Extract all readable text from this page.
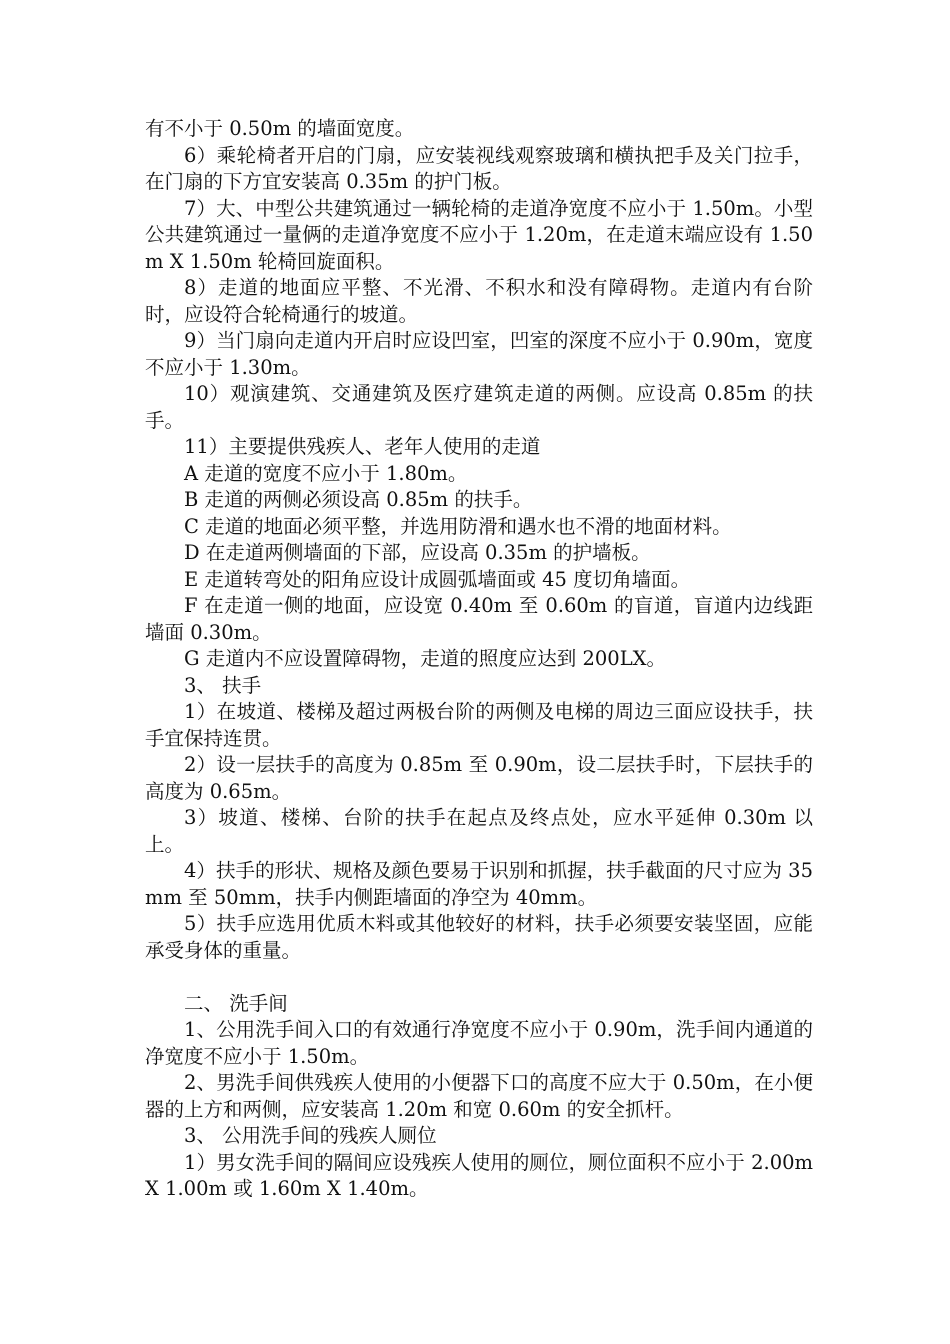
有不小于 0.50m 的墙面宽度。

6）乘轮椅者开启的门扇，应安装视线观察玻璃和横执把手及关门拉手，在门扇的下方宜安装高 0.35m 的护门板。

7）大、中型公共建筑通过一辆轮椅的走道净宽度不应小于 1.50m。小型公共建筑通过一量俩的走道净宽度不应小于 1.20m，在走道末端应设有 1.50m X 1.50m 轮椅回旋面积。

8）走道的地面应平整、不光滑、不积水和没有障碍物。走道内有台阶时，应设符合轮椅通行的坡道。

9）当门扇向走道内开启时应设凹室，凹室的深度不应小于 0.90m，宽度不应小于 1.30m。

10）观演建筑、交通建筑及医疗建筑走道的两侧。应设高 0.85m 的扶手。

11）主要提供残疾人、老年人使用的走道

A 走道的宽度不应小于 1.80m。

B 走道的两侧必须设高 0.85m 的扶手。

C 走道的地面必须平整，并选用防滑和遇水也不滑的地面材料。

D 在走道两侧墙面的下部，应设高 0.35m 的护墙板。

E 走道转弯处的阳角应设计成圆弧墙面或 45 度切角墙面。

F 在走道一侧的地面，应设宽 0.40m 至 0.60m 的盲道，盲道内边线距墙面 0.30m。

G 走道内不应设置障碍物，走道的照度应达到 200LX。

3、 扶手

1）在坡道、楼梯及超过两极台阶的两侧及电梯的周边三面应设扶手，扶手宜保持连贯。

2）设一层扶手的高度为 0.85m 至 0.90m，设二层扶手时，下层扶手的高度为 0.65m。

3）坡道、楼梯、台阶的扶手在起点及终点处，应水平延伸 0.30m 以上。

4）扶手的形状、规格及颜色要易于识别和抓握，扶手截面的尺寸应为 35mm 至 50mm，扶手内侧距墙面的净空为 40mm。

5）扶手应选用优质木料或其他较好的材料，扶手必须要安装坚固，应能承受身体的重量。

二、 洗手间

1、公用洗手间入口的有效通行净宽度不应小于 0.90m，洗手间内通道的净宽度不应小于 1.50m。

2、男洗手间供残疾人使用的小便器下口的高度不应大于 0.50m，在小便器的上方和两侧，应安装高 1.20m 和宽 0.60m 的安全抓杆。

3、 公用洗手间的残疾人厕位

1）男女洗手间的隔间应设残疾人使用的厕位，厕位面积不应小于 2.00m X 1.00m 或 1.60m X 1.40m。
